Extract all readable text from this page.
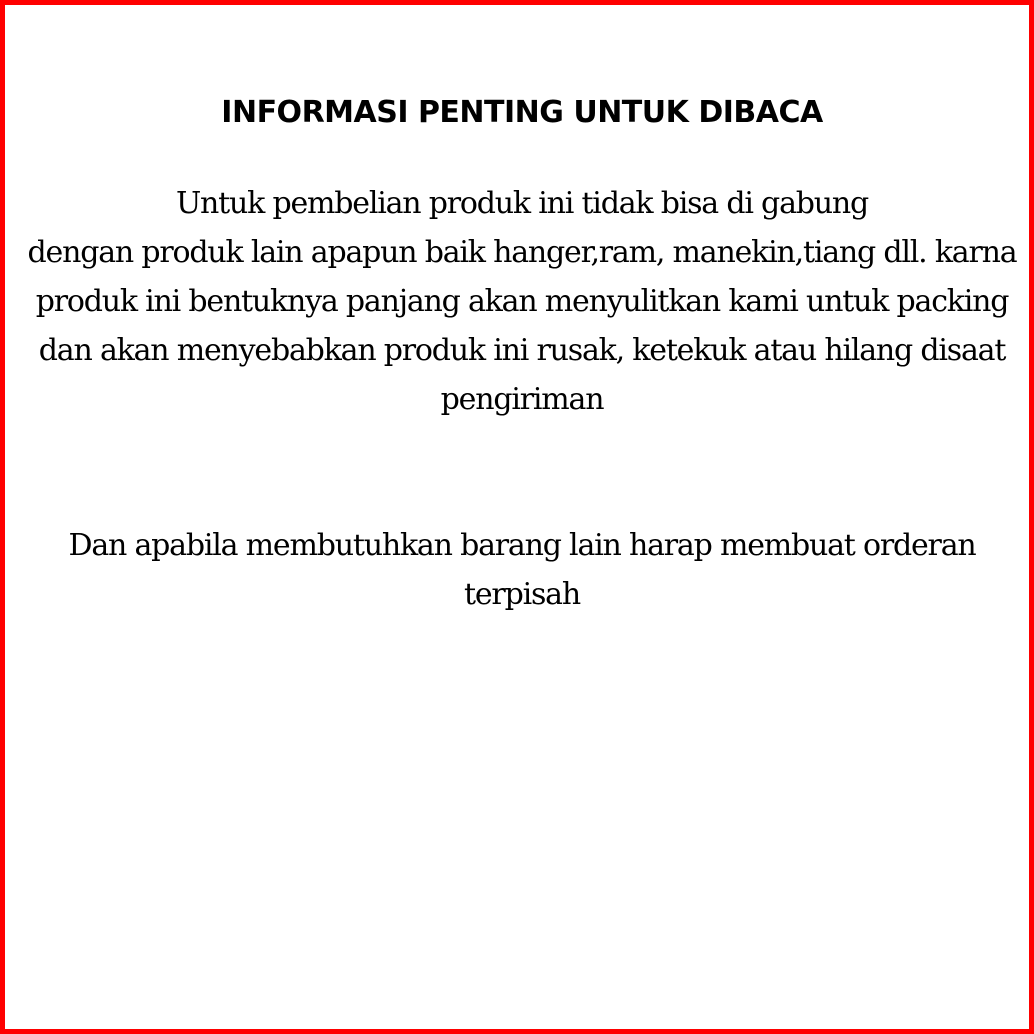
INFORMASI PENTING UNTUK DIBACA

Untuk pembelian produk ini tidak bisa di gabung
dengan produk lain apapun baik hanger,ram, manekin,tiang dll. karna
produk ini bentuknya panjang akan menyulitkan kami untuk packing
dan akan menyebabkan produk ini rusak, ketekuk atau hilang disaat
pengiriman

Dan apabila membutuhkan barang lain harap membuat orderan
terpisah
